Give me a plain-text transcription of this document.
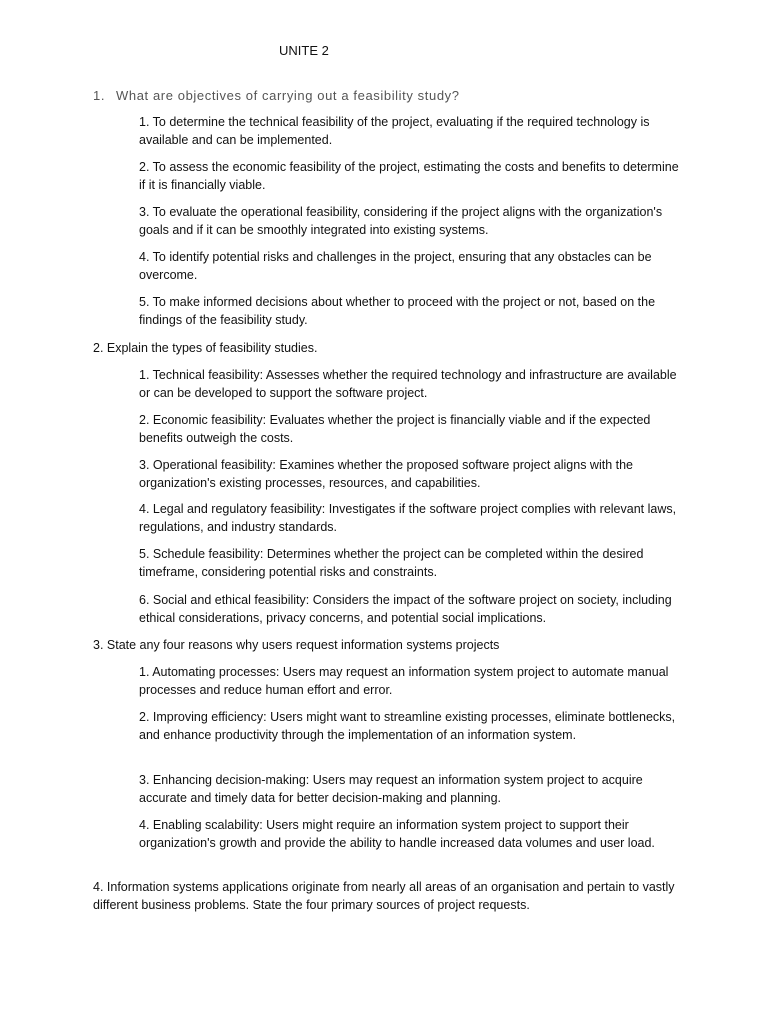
UNITE 2
1. What are objectives of carrying out a feasibility study?
1. To determine the technical feasibility of the project, evaluating if the required technology is available and can be implemented.
2. To assess the economic feasibility of the project, estimating the costs and benefits to determine if it is financially viable.
3. To evaluate the operational feasibility, considering if the project aligns with the organization's goals and if it can be smoothly integrated into existing systems.
4. To identify potential risks and challenges in the project, ensuring that any obstacles can be overcome.
5. To make informed decisions about whether to proceed with the project or not, based on the findings of the feasibility study.
2. Explain the types of feasibility studies.
1. Technical feasibility: Assesses whether the required technology and infrastructure are available or can be developed to support the software project.
2. Economic feasibility: Evaluates whether the project is financially viable and if the expected benefits outweigh the costs.
3. Operational feasibility: Examines whether the proposed software project aligns with the organization's existing processes, resources, and capabilities.
4. Legal and regulatory feasibility: Investigates if the software project complies with relevant laws, regulations, and industry standards.
5. Schedule feasibility: Determines whether the project can be completed within the desired timeframe, considering potential risks and constraints.
6. Social and ethical feasibility: Considers the impact of the software project on society, including ethical considerations, privacy concerns, and potential social implications.
3. State any four reasons why users request information systems projects
1. Automating processes: Users may request an information system project to automate manual processes and reduce human effort and error.
2. Improving efficiency: Users might want to streamline existing processes, eliminate bottlenecks, and enhance productivity through the implementation of an information system.
3. Enhancing decision-making: Users may request an information system project to acquire accurate and timely data for better decision-making and planning.
4. Enabling scalability: Users might require an information system project to support their organization's growth and provide the ability to handle increased data volumes and user load.
4. Information systems applications originate from nearly all areas of an organisation and pertain to vastly different business problems. State the four primary sources of project requests.
